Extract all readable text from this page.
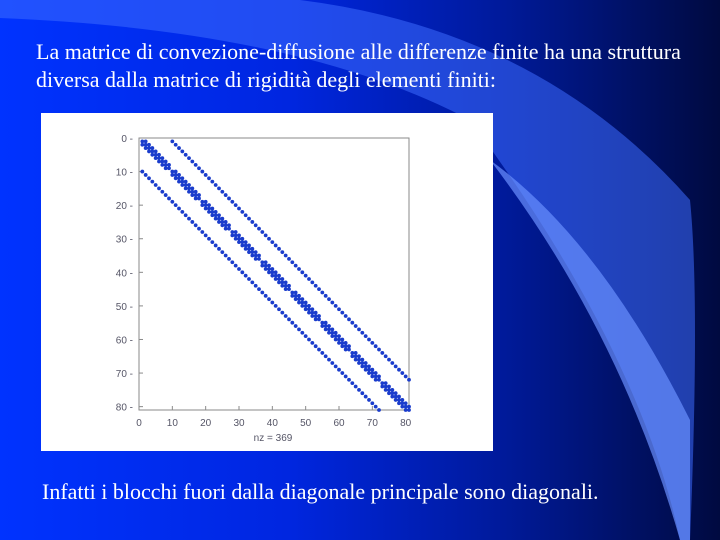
La matrice di convezione-diffusione alle differenze finite ha una struttura diversa dalla matrice di rigidità degli elementi finiti:

0 10 20 30 40 50 60 70 80
0 -
10 -
20 -
30 -
40 -
50 -
60 -
70 -
80 -
nz = 369

Infatti i blocchi fuori dalla diagonale principale sono diagonali.
